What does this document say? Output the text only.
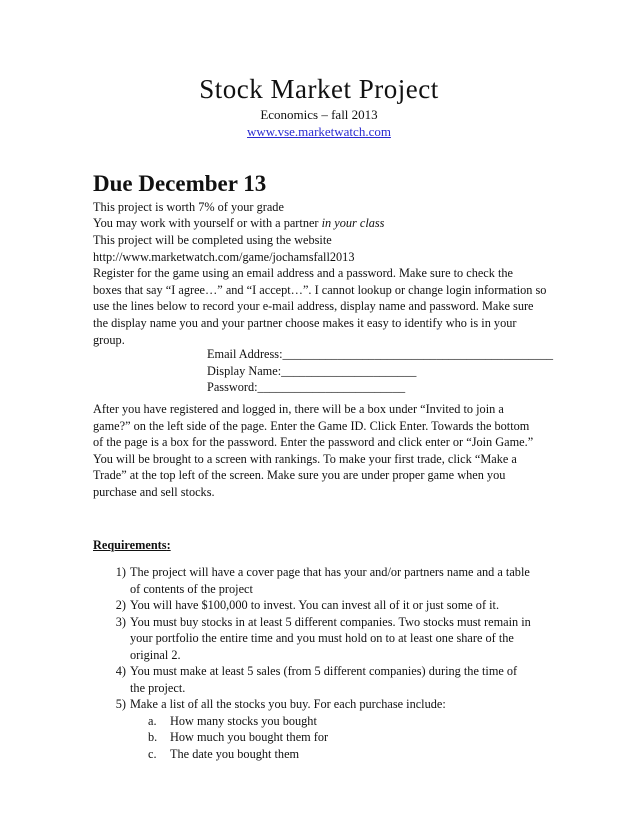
Stock Market Project
Economics – fall 2013
www.vse.marketwatch.com
Due December 13
This project is worth 7% of your grade
You may work with yourself or with a partner in your class

This project will be completed using the website

http://www.marketwatch.com/game/jochamsfall2013

Register for the game using an email address and a password. Make sure to check the

boxes that say “I agree…” and “I accept…”. I cannot lookup or change login information so

use the lines below to record your e-mail address, display name and password. Make sure

the display name you and your partner choose makes it easy to identify who is in your

group.

Email Address:____________________________________________
Display Name:______________________
Password:________________________

After you have registered and logged in, there will be a box under “Invited to join a

game?” on the left side of the page. Enter the Game ID. Click Enter. Towards the bottom

of the page is a box for the password. Enter the password and click enter or “Join Game.”

You will be brought to a screen with rankings. To make your first trade, click “Make a

Trade” at the top left of the screen. Make sure you are under proper game when you

purchase and sell stocks.

Requirements:
1) The project will have a cover page that has your and/or partners name and a table
of contents of the project
2) You will have $100,000 to invest. You can invest all of it or just some of it.
3) You must buy stocks in at least 5 different companies. Two stocks must remain in
your portfolio the entire time and you must hold on to at least one share of the
original 2.
4) You must make at least 5 sales (from 5 different companies) during the time of
the project.
5) Make a list of all the stocks you buy. For each purchase include:
a. How many stocks you bought
b. How much you bought them for
c. The date you bought them
